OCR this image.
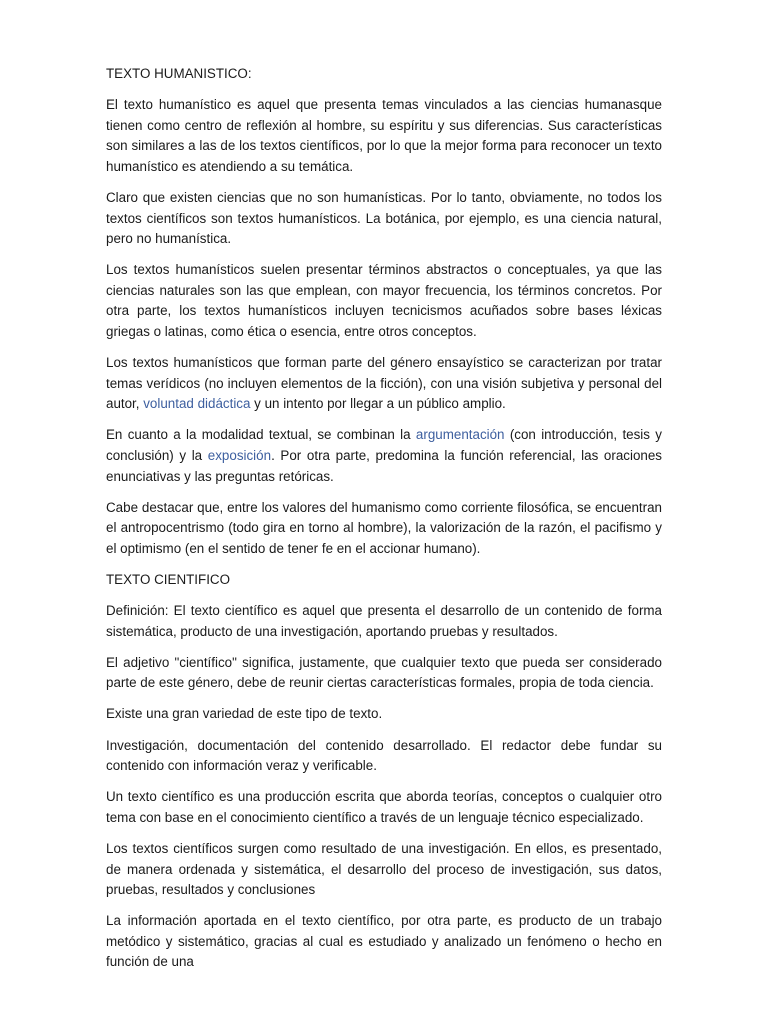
TEXTO HUMANISTICO:

El texto humanístico es aquel que presenta temas vinculados a las ciencias humanasque tienen como centro de reflexión al hombre, su espíritu y sus diferencias. Sus características son similares a las de los textos científicos, por lo que la mejor forma para reconocer un texto humanístico es atendiendo a su temática.

Claro que existen ciencias que no son humanísticas. Por lo tanto, obviamente, no todos los textos científicos son textos humanísticos. La botánica, por ejemplo, es una ciencia natural, pero no humanística.

Los textos humanísticos suelen presentar términos abstractos o conceptuales, ya que las ciencias naturales son las que emplean, con mayor frecuencia, los términos concretos. Por otra parte, los textos humanísticos incluyen tecnicismos acuñados sobre bases léxicas griegas o latinas, como ética o esencia, entre otros conceptos.

Los textos humanísticos que forman parte del género ensayístico se caracterizan por tratar temas verídicos (no incluyen elementos de la ficción), con una visión subjetiva y personal del autor, voluntad didáctica y un intento por llegar a un público amplio.

En cuanto a la modalidad textual, se combinan la argumentación (con introducción, tesis y conclusión) y la exposición. Por otra parte, predomina la función referencial, las oraciones enunciativas y las preguntas retóricas.

Cabe destacar que, entre los valores del humanismo como corriente filosófica, se encuentran el antropocentrismo (todo gira en torno al hombre), la valorización de la razón, el pacifismo y el optimismo (en el sentido de tener fe en el accionar humano).

TEXTO CIENTIFICO

Definición: El texto científico es aquel que presenta el desarrollo de un contenido de forma sistemática, producto de una investigación, aportando pruebas y resultados.

El adjetivo "científico" significa, justamente, que cualquier texto que pueda ser considerado parte de este género, debe de reunir ciertas características formales, propia de toda ciencia.

Existe una gran variedad de este tipo de texto.

Investigación, documentación del contenido desarrollado. El redactor debe fundar su contenido con información veraz y verificable.

Un texto científico es una producción escrita que aborda teorías, conceptos o cualquier otro tema con base en el conocimiento científico a través de un lenguaje técnico especializado.

Los textos científicos surgen como resultado de una investigación. En ellos, es presentado, de manera ordenada y sistemática, el desarrollo del proceso de investigación, sus datos, pruebas, resultados y conclusiones

La información aportada en el texto científico, por otra parte, es producto de un trabajo metódico y sistemático, gracias al cual es estudiado y analizado un fenómeno o hecho en función de una
